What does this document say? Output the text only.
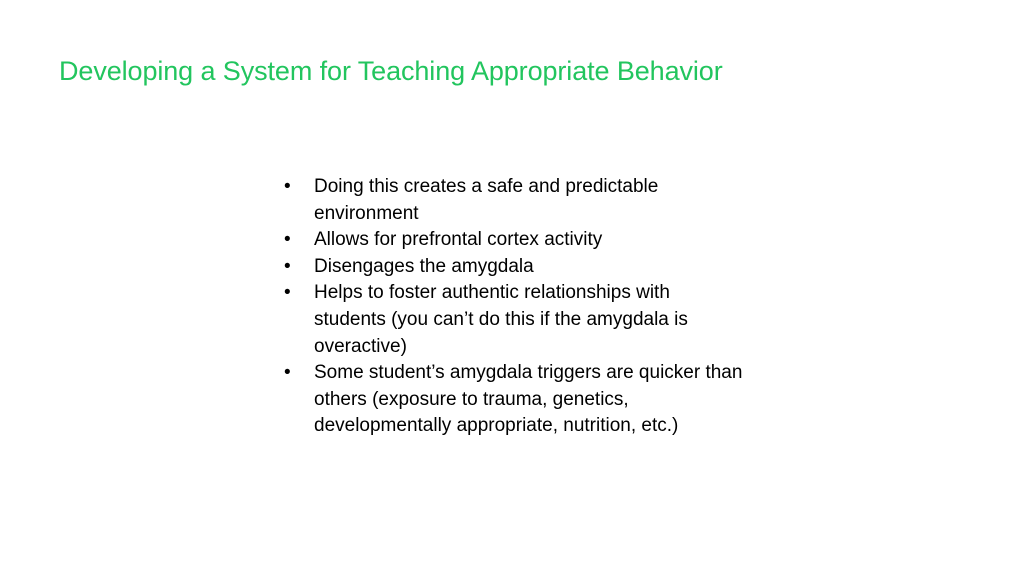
Developing a System for Teaching Appropriate Behavior
• Doing this creates a safe and predictable environment
• Allows for prefrontal cortex activity
• Disengages the amygdala
• Helps to foster authentic relationships with students (you can’t do this if the amygdala is overactive)
• Some student’s amygdala triggers are quicker than others (exposure to trauma, genetics, developmentally appropriate, nutrition, etc.)
